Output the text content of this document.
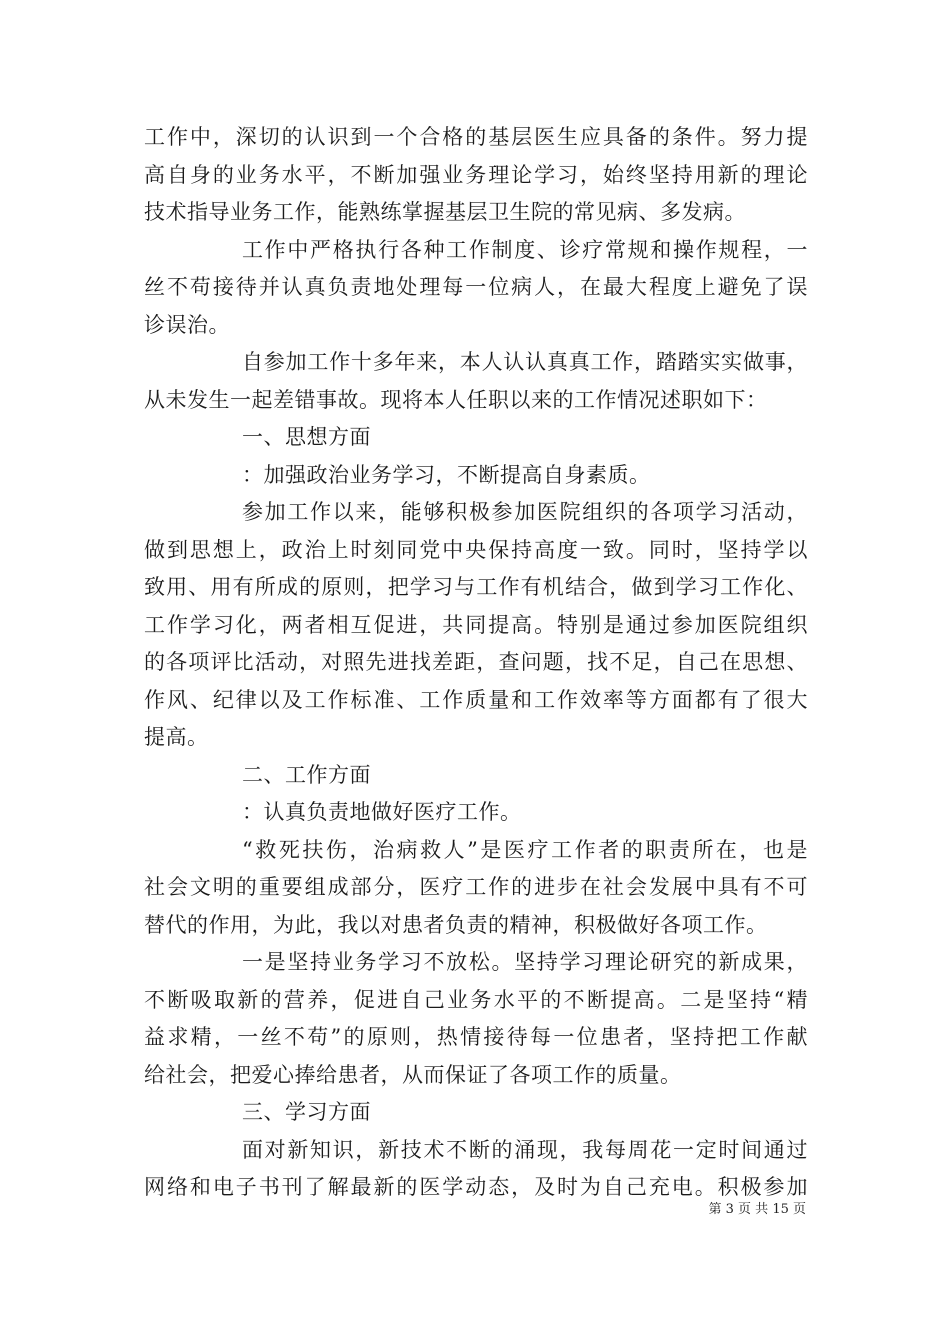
工作中，深切的认识到一个合格的基层医生应具备的条件。努力提
高自身的业务水平，不断加强业务理论学习，始终坚持用新的理论
技术指导业务工作，能熟练掌握基层卫生院的常见病、多发病。
工作中严格执行各种工作制度、诊疗常规和操作规程，一
丝不苟接待并认真负责地处理每一位病人，在最大程度上避免了误
诊误治。
自参加工作十多年来，本人认认真真工作，踏踏实实做事，
从未发生一起差错事故。现将本人任职以来的工作情况述职如下：
一、思想方面
：加强政治业务学习，不断提高自身素质。
参加工作以来，能够积极参加医院组织的各项学习活动，
做到思想上，政治上时刻同党中央保持高度一致。同时，坚持学以
致用、用有所成的原则，把学习与工作有机结合，做到学习工作化、
工作学习化，两者相互促进，共同提高。特别是通过参加医院组织
的各项评比活动，对照先进找差距，查问题，找不足，自己在思想、
作风、纪律以及工作标准、工作质量和工作效率等方面都有了很大
提高。
二、工作方面
：认真负责地做好医疗工作。
“救死扶伤，治病救人”是医疗工作者的职责所在，也是
社会文明的重要组成部分，医疗工作的进步在社会发展中具有不可
替代的作用，为此，我以对患者负责的精神，积极做好各项工作。
一是坚持业务学习不放松。坚持学习理论研究的新成果，
不断吸取新的营养，促进自己业务水平的不断提高。二是坚持“精
益求精，一丝不苟”的原则，热情接待每一位患者，坚持把工作献
给社会，把爱心捧给患者，从而保证了各项工作的质量。
三、学习方面
面对新知识，新技术不断的涌现，我每周花一定时间通过
网络和电子书刊了解最新的医学动态，及时为自己充电。积极参加
第 3 页 共 15 页
